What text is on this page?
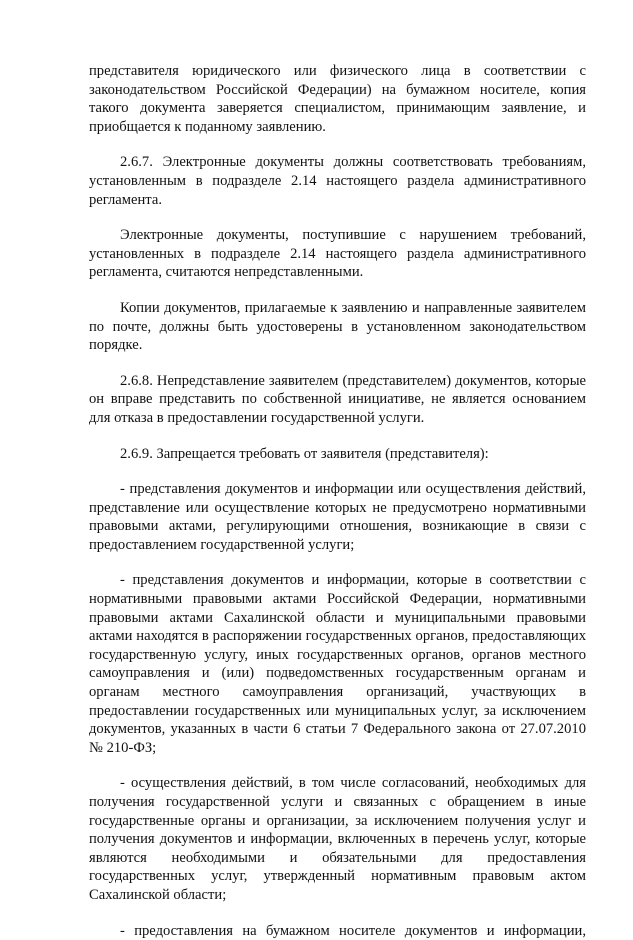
представителя юридического или физического лица в соответствии с законодательством Российской Федерации) на бумажном носителе, копия такого документа заверяется специалистом, принимающим заявление, и приобщается к поданному заявлению.

2.6.7. Электронные документы должны соответствовать требованиям, установленным в подразделе 2.14 настоящего раздела административного регламента.

Электронные документы, поступившие с нарушением требований, установленных в подразделе 2.14 настоящего раздела административного регламента, считаются непредставленными.

Копии документов, прилагаемые к заявлению и направленные заявителем по почте, должны быть удостоверены в установленном законодательством порядке.

2.6.8. Непредставление заявителем (представителем) документов, которые он вправе представить по собственной инициативе, не является основанием для отказа в предоставлении государственной услуги.

2.6.9. Запрещается требовать от заявителя (представителя):

- представления документов и информации или осуществления действий, представление или осуществление которых не предусмотрено нормативными правовыми актами, регулирующими отношения, возникающие в связи с предоставлением государственной услуги;

- представления документов и информации, которые в соответствии с нормативными правовыми актами Российской Федерации, нормативными правовыми актами Сахалинской области и муниципальными правовыми актами находятся в распоряжении государственных органов, предоставляющих государственную услугу, иных государственных органов, органов местного самоуправления и (или) подведомственных государственным органам и органам местного самоуправления организаций, участвующих в предоставлении государственных или муниципальных услуг, за исключением документов, указанных в части 6 статьи 7 Федерального закона от 27.07.2010 № 210-ФЗ;

- осуществления действий, в том числе согласований, необходимых для получения государственной услуги и связанных с обращением в иные государственные органы и организации, за исключением получения услуг и получения документов и информации, включенных в перечень услуг, которые являются необходимыми и обязательными для предоставления государственных услуг, утвержденный нормативным правовым актом Сахалинской области;

- предоставления на бумажном носителе документов и информации,
